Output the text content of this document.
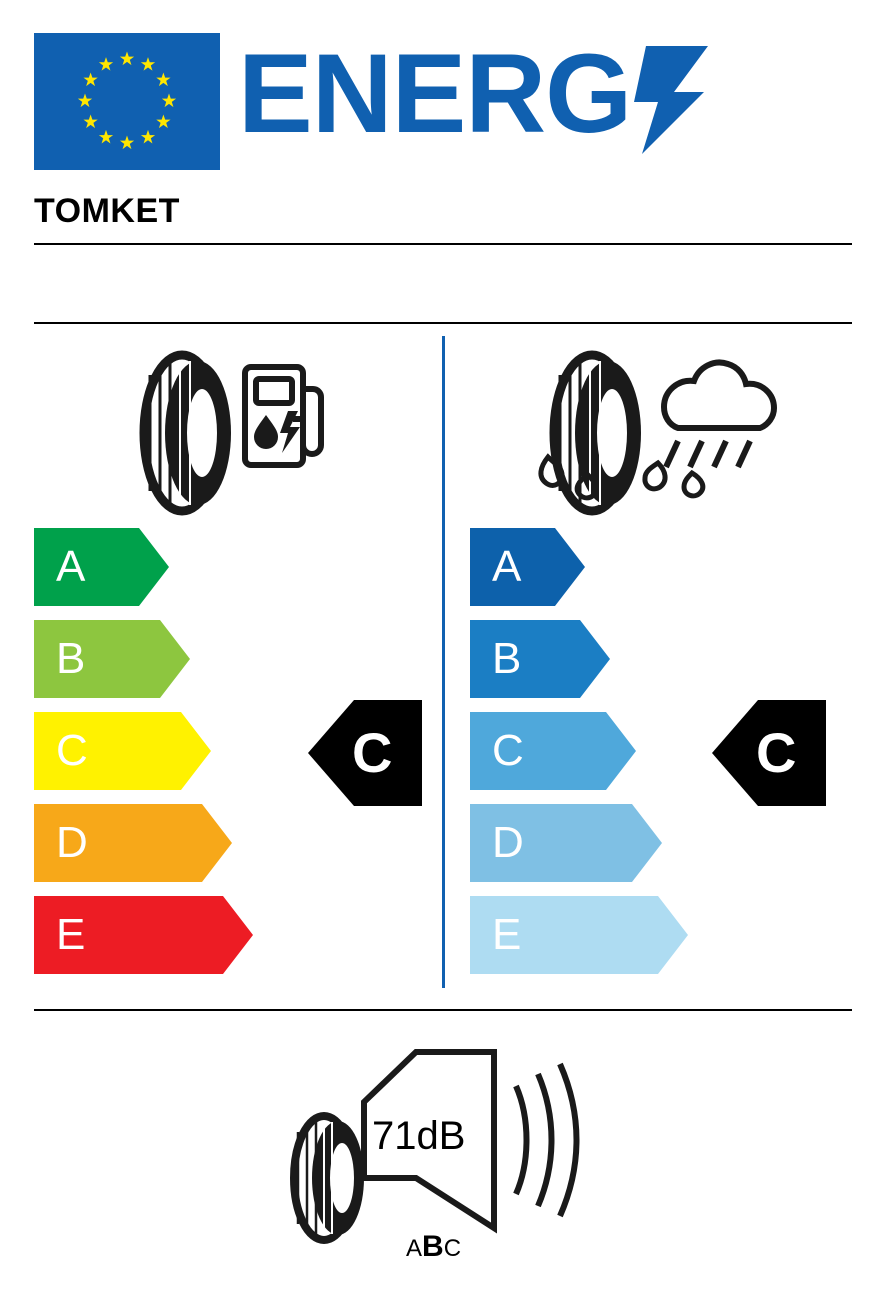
ENERG
TOMKET
A
B
C
D
E
A
B
C
D
E
C	C
71dB
ABC
